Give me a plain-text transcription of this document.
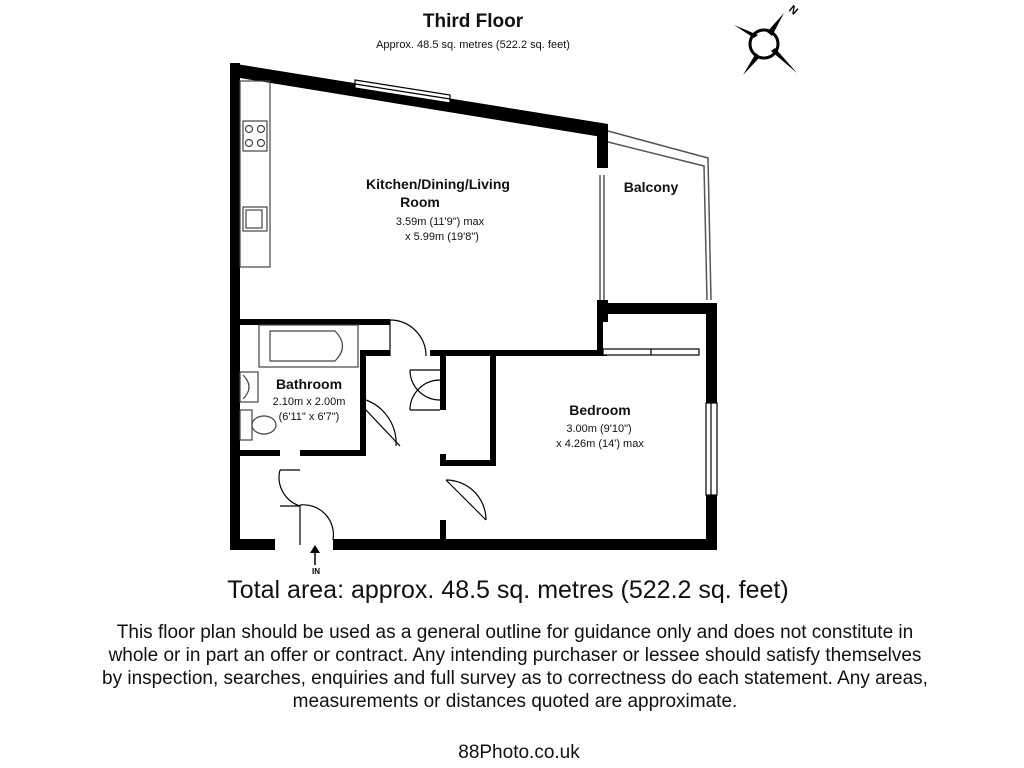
Third Floor
Approx. 48.5 sq. metres (522.2 sq. feet)
N
IN
Kitchen/Dining/Living
Room
3.59m (11'9") max
x 5.99m (19'8")
Balcony
Bathroom
2.10m x 2.00m
(6'11" x 6'7")	Bedroom
3.00m (9'10")
x 4.26m (14') max
Total area: approx. 48.5 sq. metres (522.2 sq. feet)
This floor plan should be used as a general outline for guidance only and does not constitute in whole or in part an offer or contract. Any intending purchaser or lessee should satisfy themselves by inspection, searches, enquiries and full survey as to correctness do each statement. Any areas, measurements or distances quoted are approximate.
88Photo.co.uk
